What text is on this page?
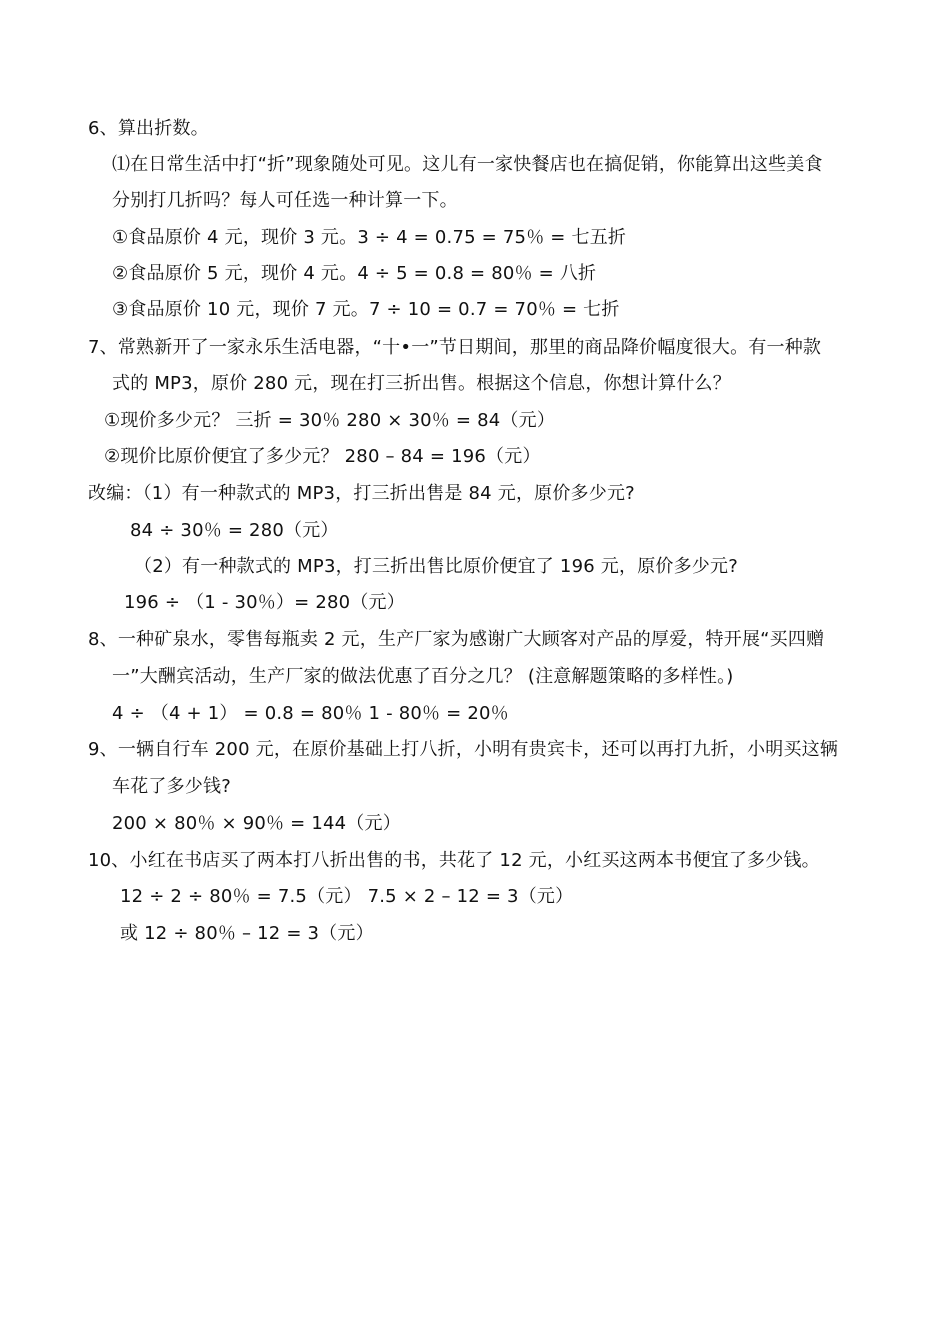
6、算出折数。
⑴在日常生活中打“折”现象随处可见。这儿有一家快餐店也在搞促销，你能算出这些美食
分别打几折吗？每人可任选一种计算一下。
①食品原价 4 元，现价 3 元。3 ÷ 4 = 0.75 = 75％ = 七五折
②食品原价 5 元，现价 4 元。4 ÷ 5 = 0.8 = 80％ = 八折
③食品原价 10 元，现价 7 元。7 ÷ 10 = 0.7 = 70％ = 七折
7、常熟新开了一家永乐生活电器，“十•一”节日期间，那里的商品降价幅度很大。有一种款
式的 MP3，原价 280 元，现在打三折出售。根据这个信息，你想计算什么？
①现价多少元？ 三折 = 30％ 280 × 30％ = 84（元）
②现价比原价便宜了多少元？ 280 – 84 = 196（元）
改编：（1）有一种款式的 MP3，打三折出售是 84 元，原价多少元?
84 ÷ 30％ = 280（元）
（2）有一种款式的 MP3，打三折出售比原价便宜了 196 元，原价多少元?
196 ÷ （1 - 30％）= 280（元）
8、一种矿泉水，零售每瓶卖 2 元，生产厂家为感谢广大顾客对产品的厚爱，特开展“买四赠
一”大酬宾活动，生产厂家的做法优惠了百分之几？ (注意解题策略的多样性。)
4 ÷ （4 + 1） = 0.8 = 80％ 1 - 80％ = 20％
9、一辆自行车 200 元，在原价基础上打八折，小明有贵宾卡，还可以再打九折，小明买这辆
车花了多少钱?
200 × 80％ × 90％ = 144（元）
10、小红在书店买了两本打八折出售的书，共花了 12 元，小红买这两本书便宜了多少钱。
12 ÷ 2 ÷ 80％ = 7.5（元） 7.5 × 2 – 12 = 3（元）
或 12 ÷ 80％ – 12 = 3（元）
